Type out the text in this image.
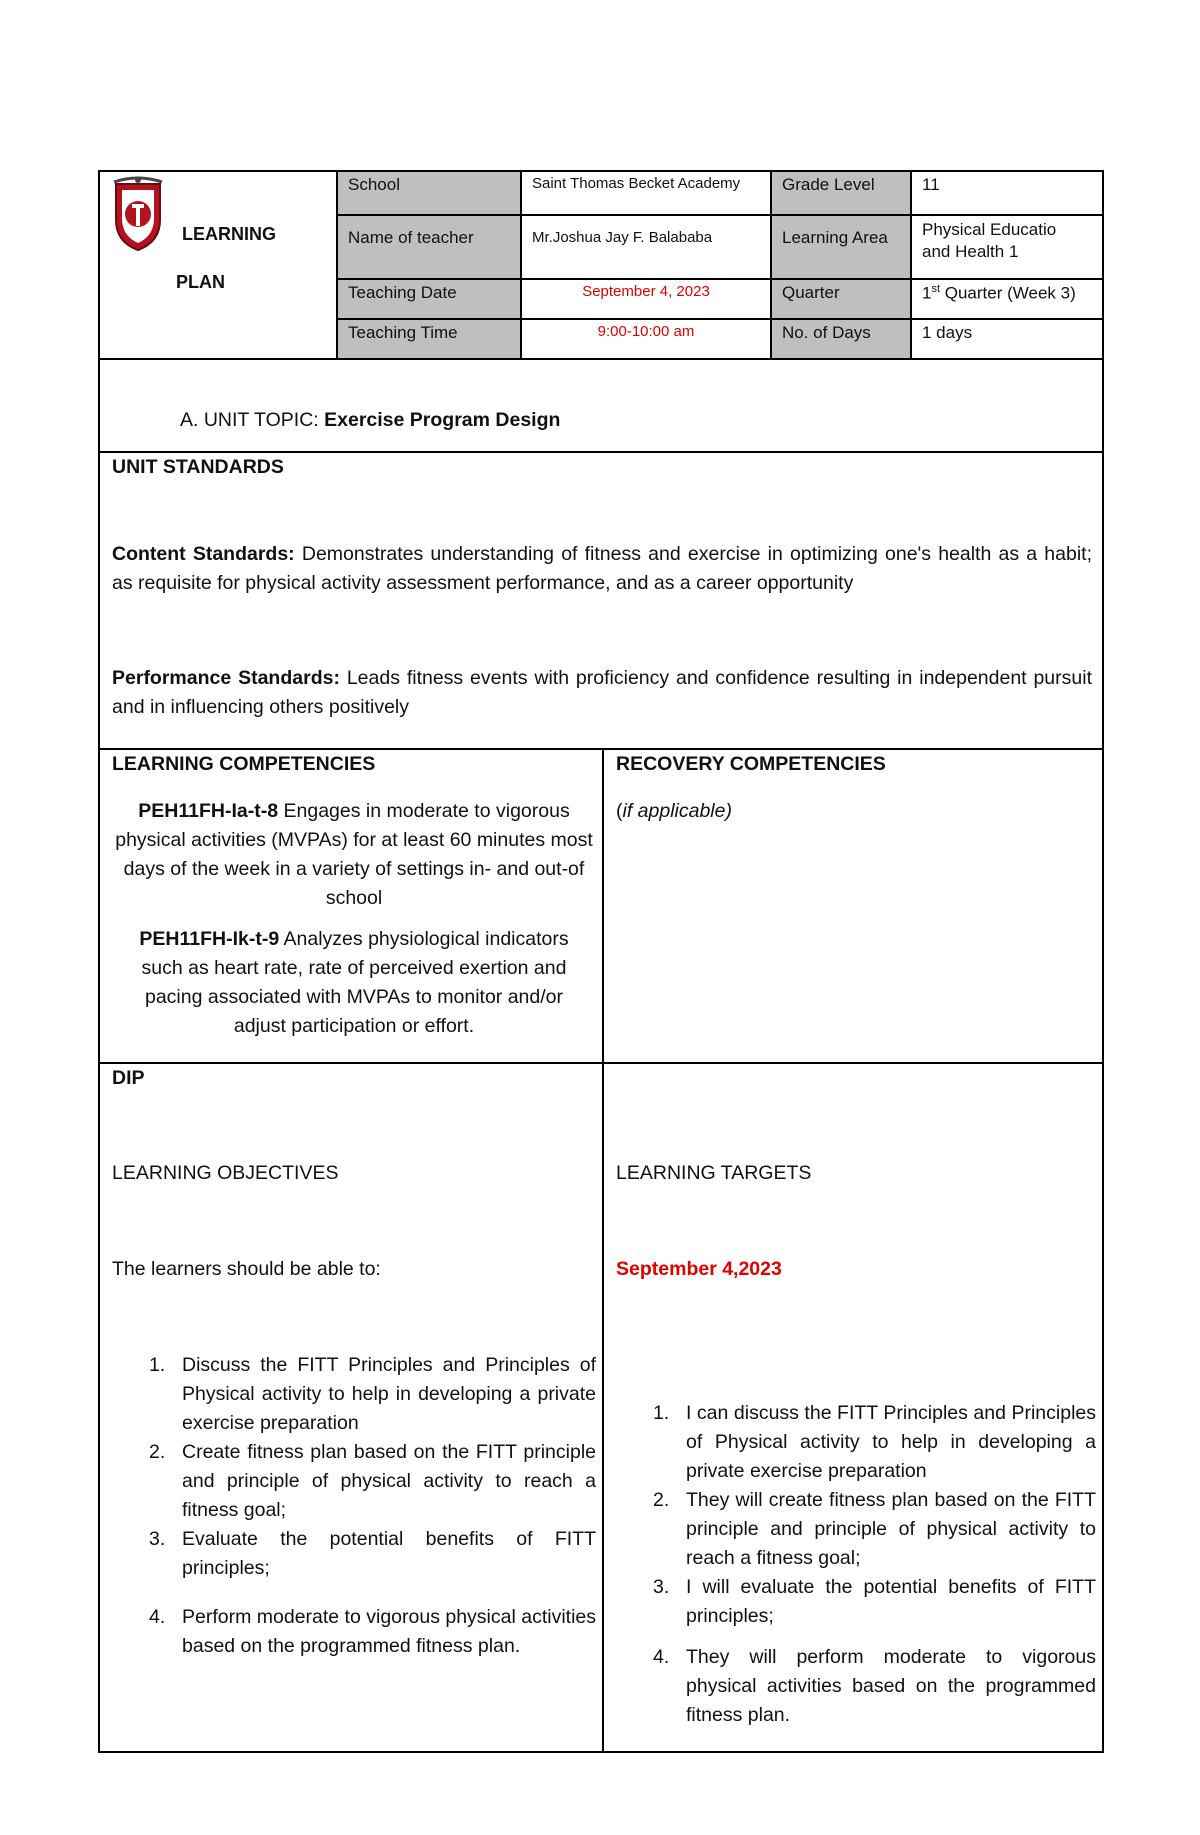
LEARNING
PLAN
School	Saint Thomas Becket Academy	Grade Level	11
Name of teacher	Mr.Joshua Jay F. Balababa	Learning Area	Physical Educatio
and Health 1
Teaching Date	September 4, 2023	Quarter	1st Quarter (Week 3)
Teaching Time	9:00-10:00 am	No. of Days	1 days
A. UNIT TOPIC: Exercise Program Design
UNIT STANDARDS
Content Standards: Demonstrates understanding of fitness and exercise in optimizing one's health as a habit; as requisite for physical activity assessment performance, and as a career opportunity
Performance Standards: Leads fitness events with proficiency and confidence resulting in independent pursuit and in influencing others positively
LEARNING COMPETENCIES
PEH11FH-Ia-t-8 Engages in moderate to vigorous physical activities (MVPAs) for at least 60 minutes most days of the week in a variety of settings in- and out-of school
PEH11FH-Ik-t-9 Analyzes physiological indicators such as heart rate, rate of perceived exertion and pacing associated with MVPAs to monitor and/or adjust participation or effort.
RECOVERY COMPETENCIES
(if applicable)
DIP
LEARNING OBJECTIVES
The learners should be able to:
1. Discuss the FITT Principles and Principles of Physical activity to help in developing a private exercise preparation
2. Create fitness plan based on the FITT principle and principle of physical activity to reach a fitness goal;
3. Evaluate the potential benefits of FITT principles;
4. Perform moderate to vigorous physical activities based on the programmed fitness plan.
LEARNING TARGETS
September 4,2023
1. I can discuss the FITT Principles and Principles of Physical activity to help in developing a private exercise preparation
2. They will create fitness plan based on the FITT principle and principle of physical activity to reach a fitness goal;
3. I will evaluate the potential benefits of FITT principles;
4. They will perform moderate to vigorous physical activities based on the programmed fitness plan.
